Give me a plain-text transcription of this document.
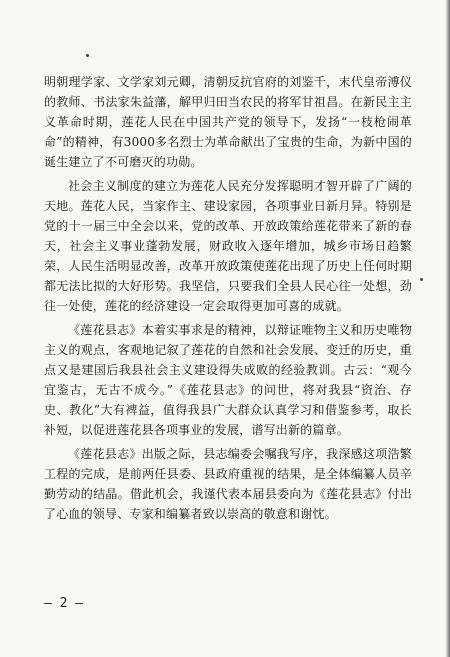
明朝理学家、文学家刘元卿，清朝反抗官府的刘鉴千，末代皇帝溥仪的教师、书法家朱益藩，解甲归田当农民的将军甘祖昌。在新民主主义革命时期，莲花人民在中国共产党的领导下，发扬“一枝枪闹革命”的精神，有3000多名烈士为革命献出了宝贵的生命，为新中国的诞生建立了不可磨灭的功勋。

社会主义制度的建立为莲花人民充分发挥聪明才智开辟了广阔的天地。莲花人民，当家作主、建设家园，各项事业日新月异。特别是党的十一届三中全会以来，党的改革、开放政策给莲花带来了新的春天，社会主义事业蓬勃发展，财政收入逐年增加，城乡市场日趋繁荣，人民生活明显改善，改革开放政策使莲花出现了历史上任何时期都无法比拟的大好形势。我坚信，只要我们全县人民心往一处想，劲往一处使，莲花的经济建设一定会取得更加可喜的成就。

《莲花县志》本着实事求是的精神，以辩证唯物主义和历史唯物主义的观点，客观地记叙了莲花的自然和社会发展、变迁的历史，重点又是建国后我县社会主义建设得失成败的经验教训。古云：“观今宜鉴古，无古不成今。”《莲花县志》的问世，将对我县“资治、存史、教化”大有裨益，值得我县广大群众认真学习和借鉴参考，取长补短，以促进莲花县各项事业的发展，谱写出新的篇章。

《莲花县志》出版之际，县志编委会嘱我写序，我深感这项浩繁工程的完成，是前两任县委、县政府重视的结果，是全体编纂人员辛勤劳动的结晶。借此机会，我谨代表本届县委向为《莲花县志》付出了心血的领导、专家和编纂者致以崇高的敬意和谢忱。

— 2 —
